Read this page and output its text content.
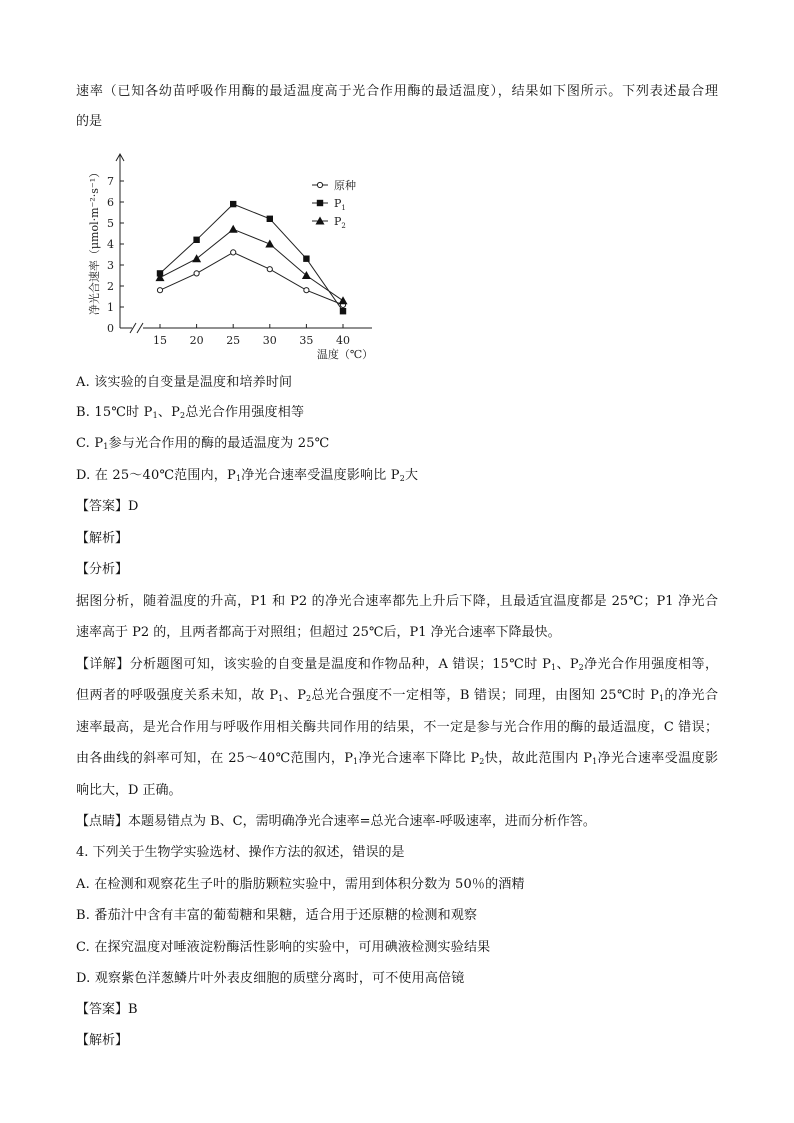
速率（已知各幼苗呼吸作用酶的最适温度高于光合作用酶的最适温度），结果如下图所示。下列表述最合理
的是
0
1
2
3
4
5
6
7
15 20 25 30 35 40
原种
$P_1$
$P_2$
净光合速率（μmol·m⁻²·s⁻¹）
温度（℃）
A. 该实验的自变量是温度和培养时间
B. 15℃时 $P_1$、$P_2$总光合作用强度相等
C. $P_1$参与光合作用的酶的最适温度为 25℃
D. 在 25～40℃范围内，$P_1$净光合速率受温度影响比 $P_2$大
【答案】D
【解析】
【分析】
据图分析，随着温度的升高，P1 和 P2 的净光合速率都先上升后下降，且最适宜温度都是 25℃；P1 净光合
速率高于 P2 的，且两者都高于对照组；但超过 25℃后，P1 净光合速率下降最快。
【详解】分析题图可知，该实验的自变量是温度和作物品种，A 错误；15℃时 $P_1$、$P_2$净光合作用强度相等，
但两者的呼吸强度关系未知，故 $P_1$、$P_2$总光合强度不一定相等，B 错误；同理，由图知 25℃时 $P_1$的净光合
速率最高，是光合作用与呼吸作用相关酶共同作用的结果，不一定是参与光合作用的酶的最适温度，C 错误；
由各曲线的斜率可知，在 25～40℃范围内，$P_1$净光合速率下降比 $P_2$快，故此范围内 $P_1$净光合速率受温度影
响比大，D 正确。
【点睛】本题易错点为 B、C，需明确净光合速率=总光合速率-呼吸速率，进而分析作答。
4. 下列关于生物学实验选材、操作方法的叙述，错误的是
A. 在检测和观察花生子叶的脂肪颗粒实验中，需用到体积分数为 50％的酒精
B. 番茄汁中含有丰富的葡萄糖和果糖，适合用于还原糖的检测和观察
C. 在探究温度对唾液淀粉酶活性影响的实验中，可用碘液检测实验结果
D. 观察紫色洋葱鳞片叶外表皮细胞的质壁分离时，可不使用高倍镜
【答案】B
【解析】
